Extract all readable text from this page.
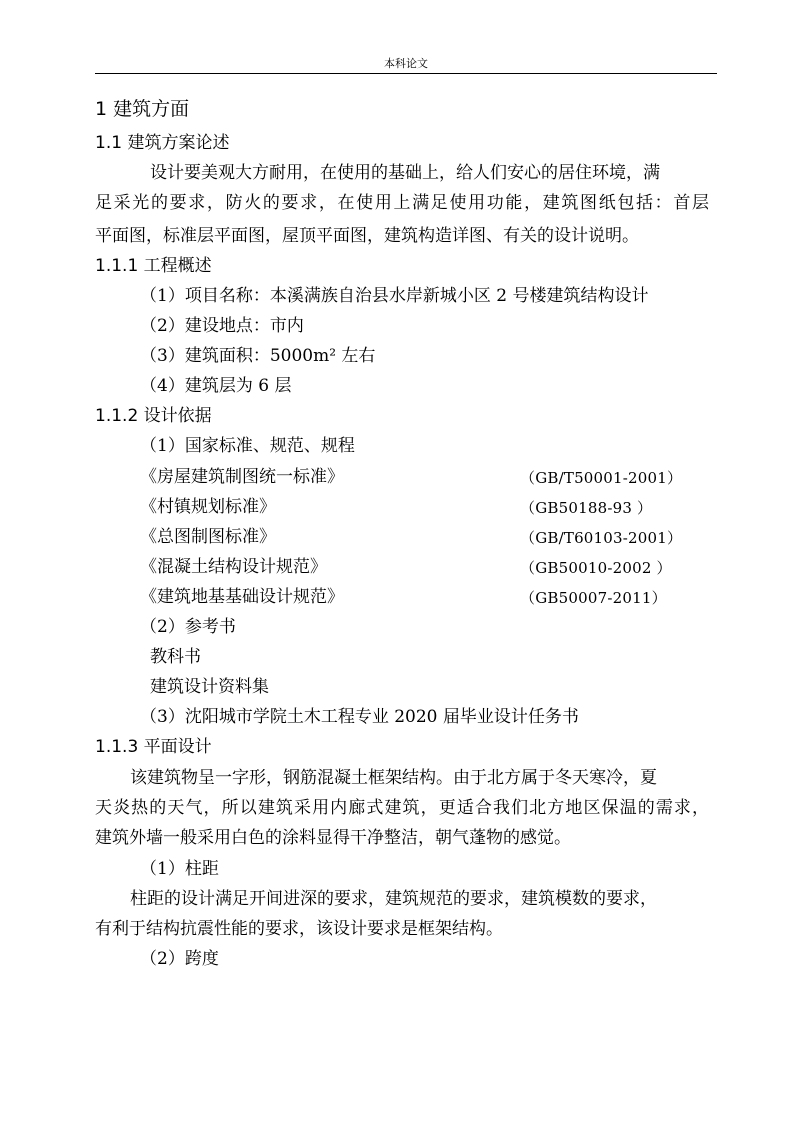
本科论文
1 建筑方面
1.1 建筑方案论述
设计要美观大方耐用，在使用的基础上，给人们安心的居住环境，满
足采光的要求，防火的要求，在使用上满足使用功能，建筑图纸包括：首层
平面图，标准层平面图，屋顶平面图，建筑构造详图、有关的设计说明。
1.1.1 工程概述
（1）项目名称：本溪满族自治县水岸新城小区 2 号楼建筑结构设计
（2）建设地点：市内
（3）建筑面积：5000m² 左右
（4）建筑层为 6 层
1.1.2 设计依据
（1）国家标准、规范、规程
《房屋建筑制图统一标准》	（GB/T50001-2001）
《村镇规划标准》	（GB50188-93 ）
《总图制图标准》	（GB/T60103-2001）
《混凝土结构设计规范》	（GB50010-2002 ）
《建筑地基基础设计规范》	（GB50007-2011）
（2）参考书
教科书
建筑设计资料集
（3）沈阳城市学院土木工程专业 2020 届毕业设计任务书
1.1.3 平面设计
该建筑物呈一字形，钢筋混凝土框架结构。由于北方属于冬天寒冷，夏
天炎热的天气，所以建筑采用内廊式建筑，更适合我们北方地区保温的需求，
建筑外墙一般采用白色的涂料显得干净整洁，朝气蓬物的感觉。
（1）柱距
柱距的设计满足开间进深的要求，建筑规范的要求，建筑模数的要求，
有利于结构抗震性能的要求，该设计要求是框架结构。
（2）跨度
